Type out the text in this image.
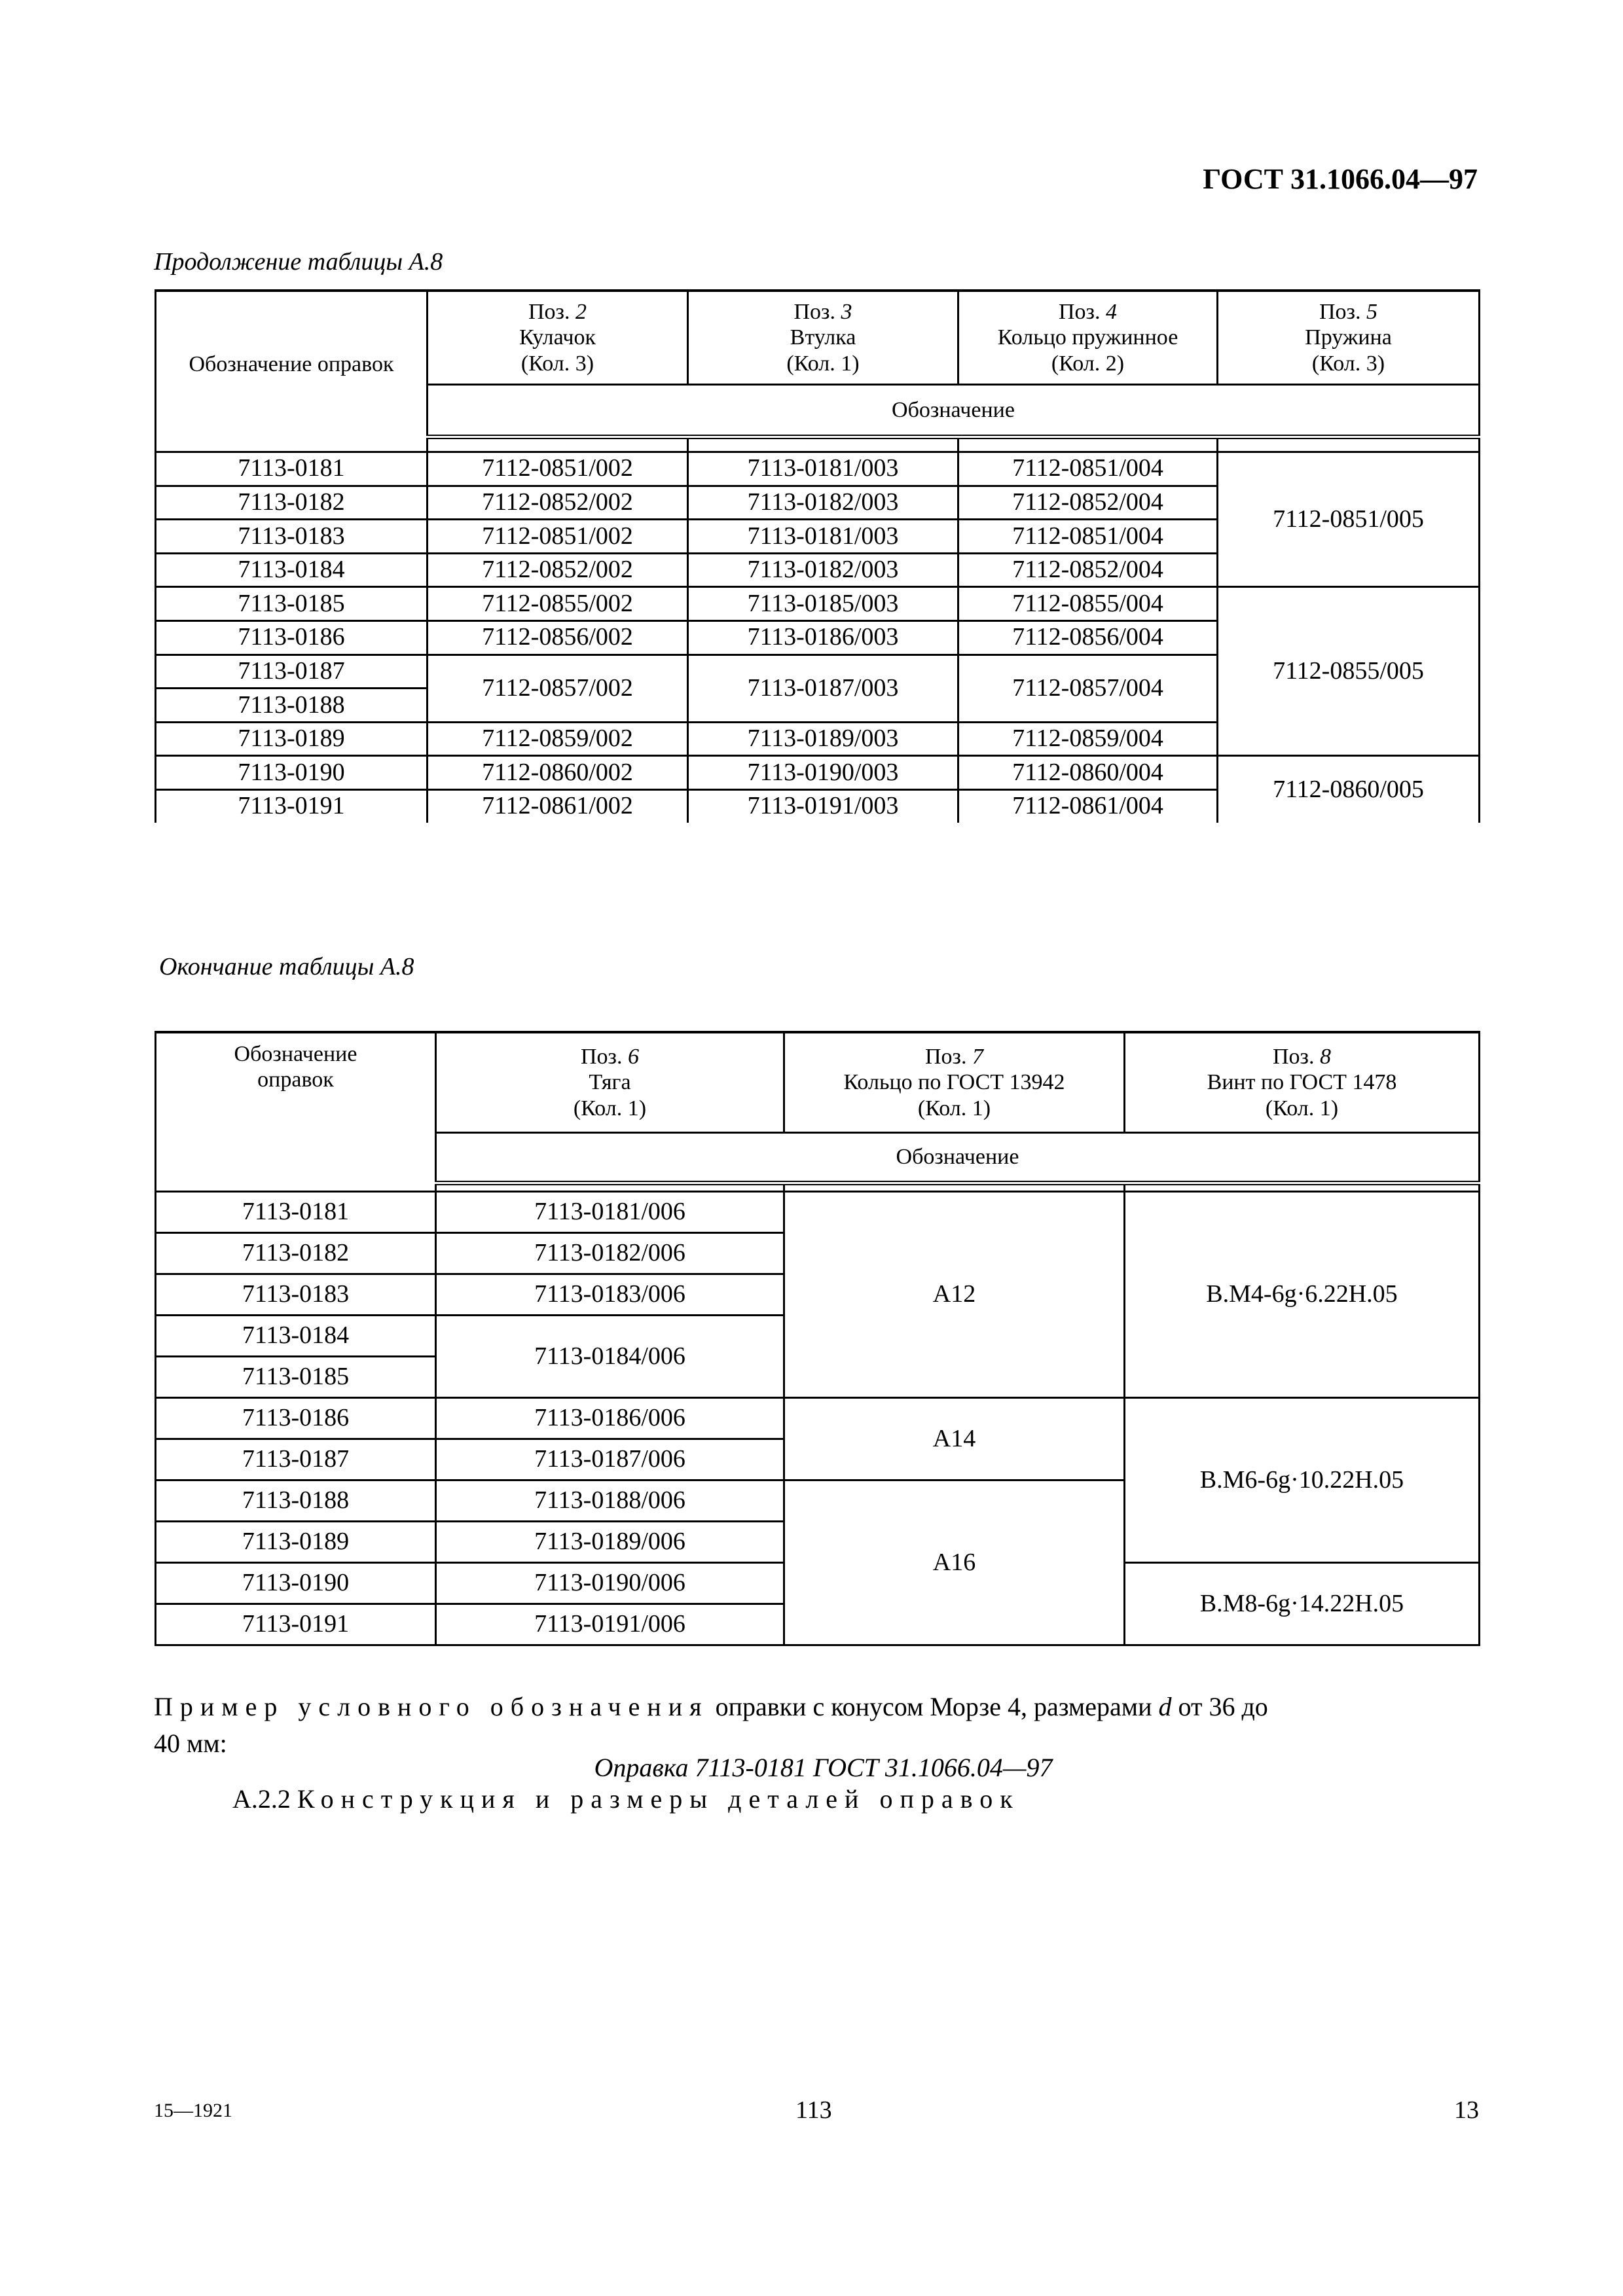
ГОСТ 31.1066.04—97
Продолжение таблицы А.8
Обозначение оправок	Поз. 2
Кулачок
(Кол. 3)	Поз. 3
Втулка
(Кол. 1)	Поз. 4
Кольцо пружинное
(Кол. 2)	Поз. 5
Пружина
(Кол. 3)

	Обозначение			

7113-0181	7112-0851/002	7113-0181/003	7112-0851/004	7112-0851/005
7113-0182	7112-0852/002	7113-0182/003	7112-0852/004	
7113-0183	7112-0851/002	7113-0181/003	7112-0851/004	
7113-0184	7112-0852/002	7113-0182/003	7112-0852/004	
7113-0185	7112-0855/002	7113-0185/003	7112-0855/004	7112-0855/005
7113-0186	7112-0856/002	7113-0186/003	7112-0856/004	
7113-0187	7112-0857/002	7113-0187/003	7112-0857/004	
7113-0188				
7113-0189	7112-0859/002	7113-0189/003	7112-0859/004	
7113-0190	7112-0860/002	7113-0190/003	7112-0860/004	7112-0860/005
7113-0191	7112-0861/002	7113-0191/003	7112-0861/004	
Окончание таблицы А.8
Обозначение оправок	Поз. 6
Тяга
(Кол. 1)	Поз. 7
Кольцо по ГОСТ 13942
(Кол. 1)	Поз. 8
Винт по ГОСТ 1478
(Кол. 1)

	Обозначение		

7113-0181	7113-0181/006	А12	В.М4-6g·6.22Н.05
7113-0182	7113-0182/006		
7113-0183	7113-0183/006		
7113-0184	7113-0184/006		
7113-0185			
7113-0186	7113-0186/006	А14	В.М6-6g·10.22Н.05
7113-0187	7113-0187/006		
7113-0188	7113-0188/006	А16	
7113-0189	7113-0189/006		
7113-0190	7113-0190/006		В.М8-6g·14.22Н.05
7113-0191	7113-0191/006		
Пример условного обозначения оправки с конусом Морзе 4, размерами d от 36 до
40 мм:
Оправка 7113-0181 ГОСТ 31.1066.04—97
А.2.2 Конструкция и размеры деталей оправок
15—1921	113	13
